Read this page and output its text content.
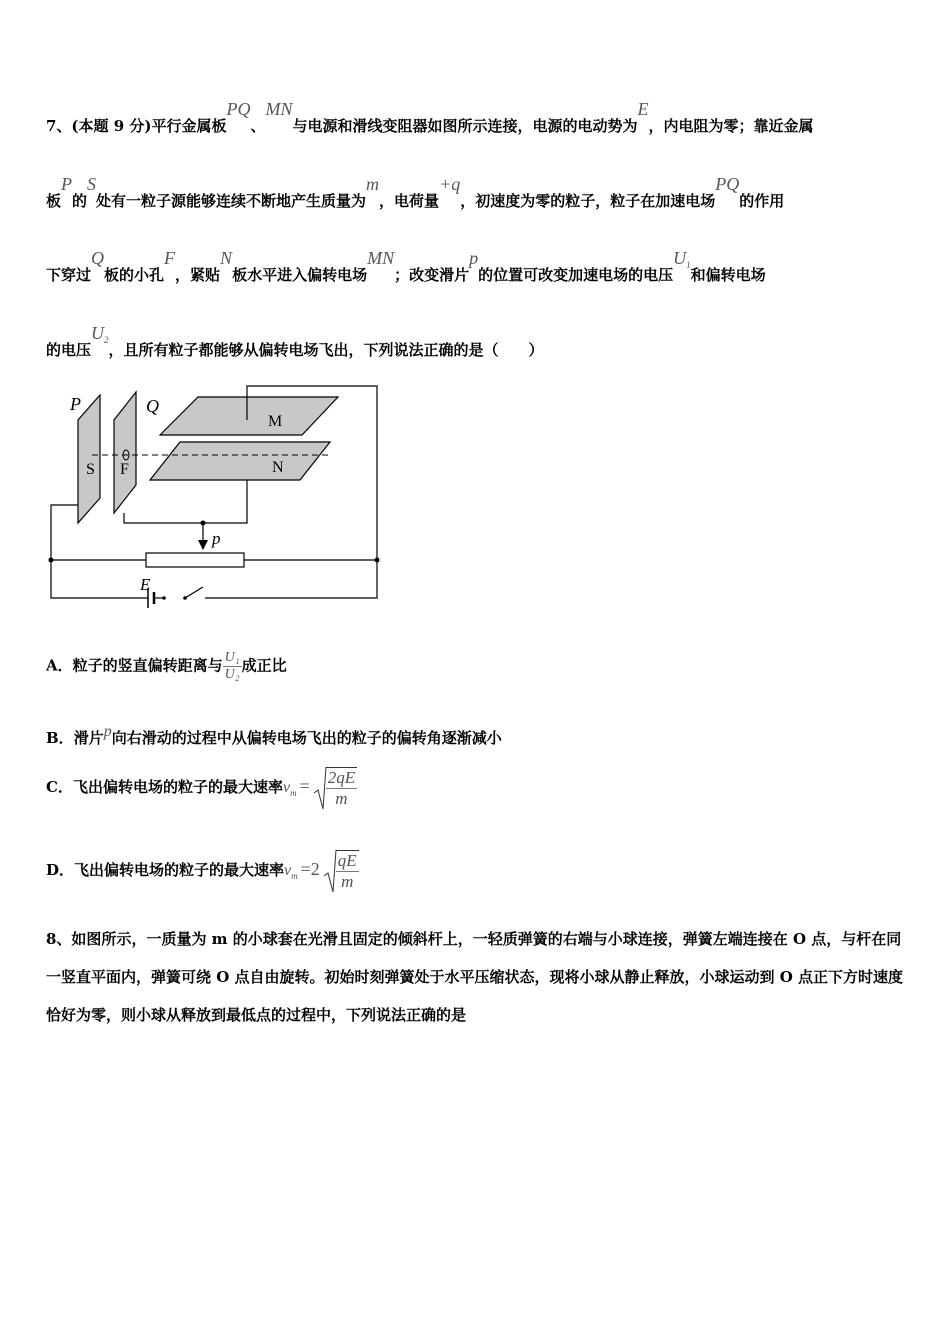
7、(本题 9 分)平行金属板PQ、MN与电源和滑线变阻器如图所示连接，电源的电动势为E，内电阻为零；靠近金属
板P的S处有一粒子源能够连续不断地产生质量为m，电荷量+q，初速度为零的粒子，粒子在加速电场PQ的作用
下穿过Q板的小孔F，紧贴N板水平进入偏转电场MN；改变滑片p的位置可改变加速电场的电压$U_1$和偏转电场
的电压$U_2$，且所有粒子都能够从偏转电场飞出，下列说法正确的是（　　）
P	Q
M
N
S F
p
E
A．粒子的竖直偏转距离与 $\frac{\text{U₁}}{\text{U₂}}$ 成正比
B．滑片p向右滑动的过程中从偏转电场飞出的粒子的偏转角逐渐减小
C．飞出偏转电场的粒子的最大速率$v_m = \frac{2qE}{m}$
D．飞出偏转电场的粒子的最大速率$v_m =2 \frac{qE}{m}$
8、如图所示，一质量为 m 的小球套在光滑且固定的倾斜杆上，一轻质弹簧的右端与小球连接，弹簧左端连接在 O 点，与杆在同一竖直平面内，弹簧可绕 O 点自由旋转。初始时刻弹簧处于水平压缩状态，现将小球从静止释放，小球运动到 O 点正下方时速度恰好为零，则小球从释放到最低点的过程中，下列说法正确的是
